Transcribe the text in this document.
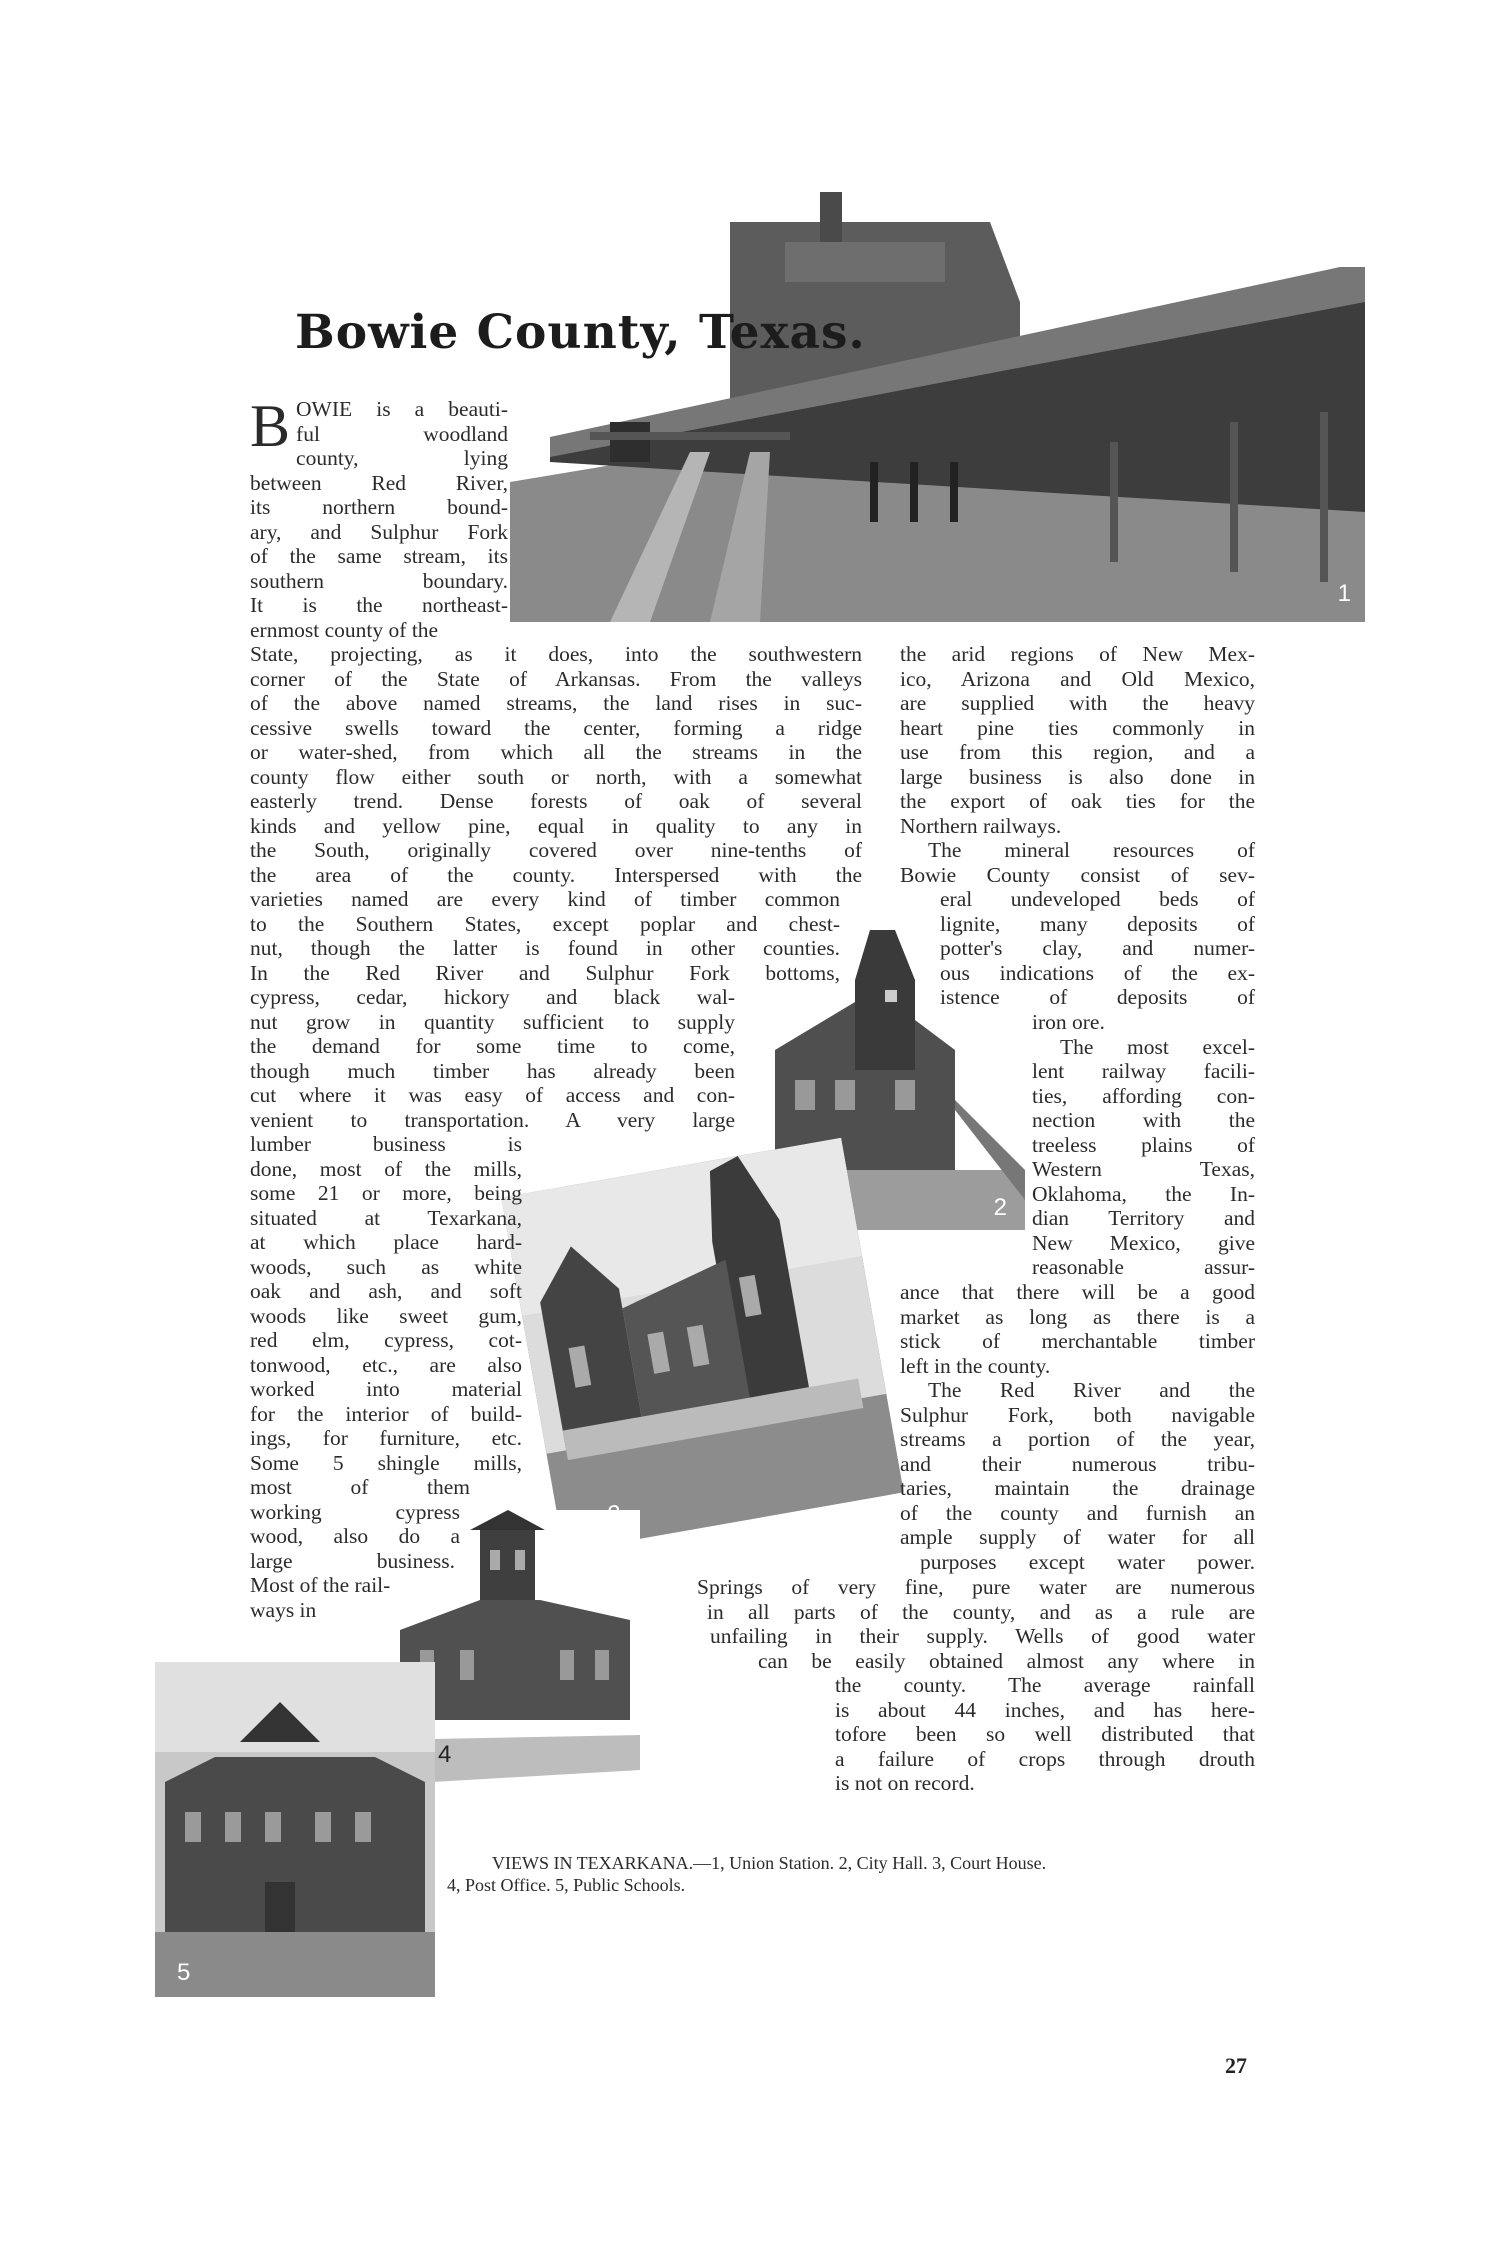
1
2
4
5
Bowie County, Texas.
B OWIE is a beauti-
ful woodland
county, lying
between Red River,
its northern bound-
ary, and Sulphur Fork
of the same stream, its
southern boundary.
It is the northeast-
ernmost county of the
State, projecting, as it does, into the southwestern
corner of the State of Arkansas. From the valleys
of the above named streams, the land rises in suc-
cessive swells toward the center, forming a ridge
or water-shed, from which all the streams in the
county flow either south or north, with a somewhat
easterly trend. Dense forests of oak of several
kinds and yellow pine, equal in quality to any in
the South, originally covered over nine-tenths of
the area of the county. Interspersed with the
varieties named are every kind of timber common
to the Southern States, except poplar and chest-
nut, though the latter is found in other counties.
In the Red River and Sulphur Fork bottoms,
cypress, cedar, hickory and black wal-
nut grow in quantity sufficient to supply
the demand for some time to come,
though much timber has already been
cut where it was easy of access and con-
venient to transportation. A very large
lumber business is
done, most of the mills,
some 21 or more, being
situated at Texarkana,
at which place hard-
woods, such as white
oak and ash, and soft
woods like sweet gum,
red elm, cypress, cot-
tonwood, etc., are also
worked into material
for the interior of build-
ings, for furniture, etc.
Some 5 shingle mills,
most of them
working cypress
wood, also do a
large business.
Most of the rail-
ways in
the arid regions of New Mex-
ico, Arizona and Old Mexico,
are supplied with the heavy
heart pine ties commonly in
use from this region, and a
large business is also done in
the export of oak ties for the
Northern railways.
The mineral resources of
Bowie County consist of sev-
eral undeveloped beds of
lignite, many deposits of
potter's clay, and numer-
ous indications of the ex-
istence of deposits of
iron ore.
The most excel-
lent railway facili-
ties, affording con-
nection with the
treeless plains of
Western Texas,
Oklahoma, the In-
dian Territory and
New Mexico, give
reasonable assur-
ance that there will be a good
market as long as there is a
stick of merchantable timber
left in the county.
The Red River and the
Sulphur Fork, both navigable
streams a portion of the year,
and their numerous tribu-
taries, maintain the drainage
of the county and furnish an
ample supply of water for all
purposes except water power.
Springs of very fine, pure water are numerous
in all parts of the county, and as a rule are
unfailing in their supply. Wells of good water
can be easily obtained almost any where in
the county. The average rainfall
is about 44 inches, and has here-
tofore been so well distributed that
a failure of crops through drouth
is not on record.
VIEWS IN TEXARKANA.—1, Union Station. 2, City Hall. 3, Court House.
4, Post Office. 5, Public Schools.
27
